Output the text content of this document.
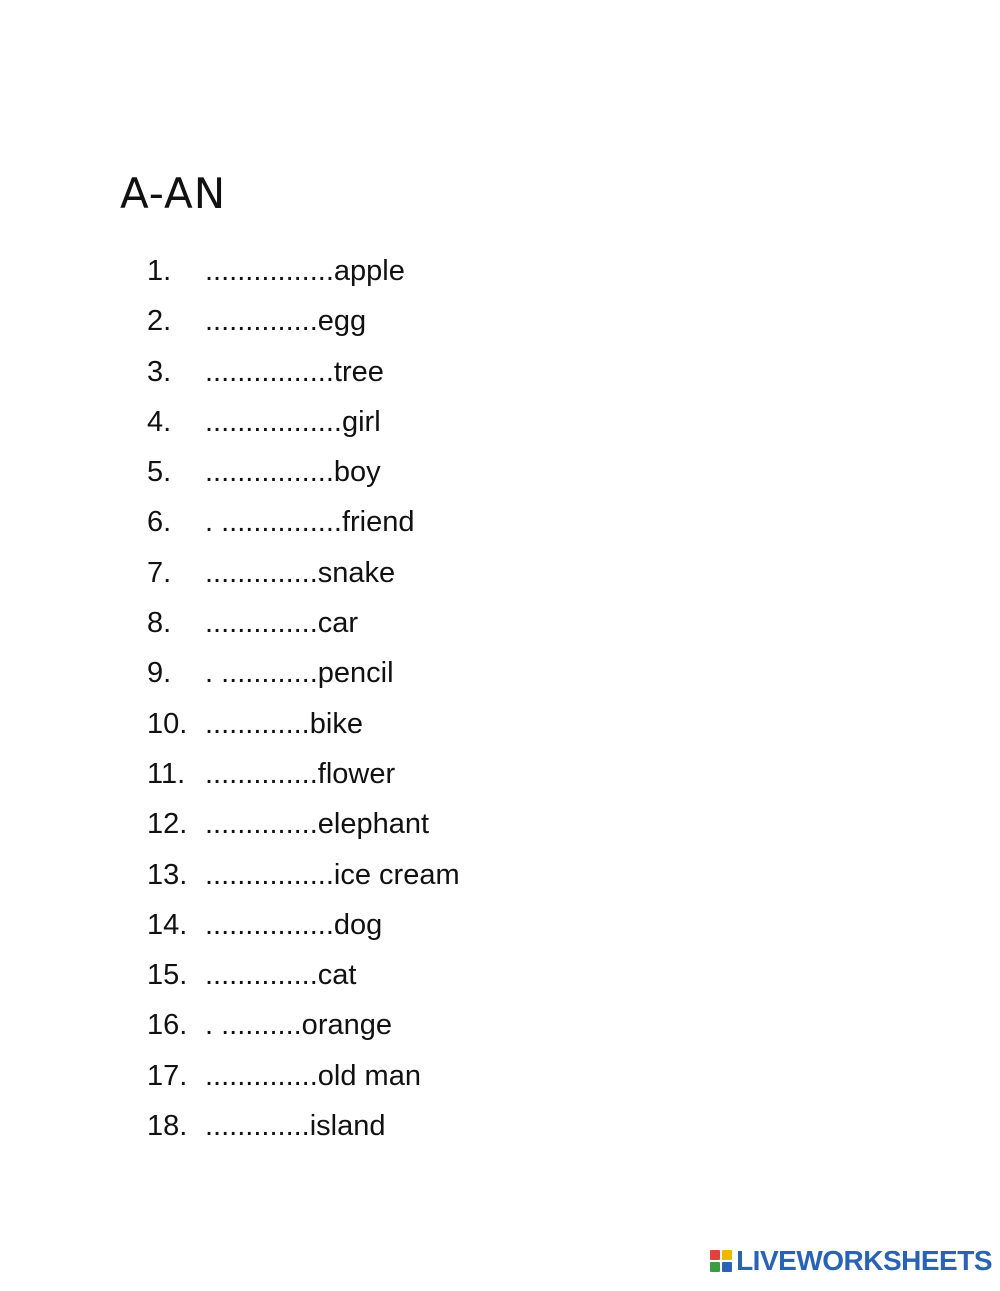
A-AN
1.	................apple
2.	..............egg
3.	................tree
4.	.................girl
5.	................boy
6.	. ...............friend
7.	..............snake
8.	..............car
9.	. ............pencil
10. .............bike
11. ..............flower
12. ..............elephant
13. ................ice cream
14. ................dog
15. ..............cat
16. . ..........orange
17. ..............old man
18. .............island
LIVEWORKSHEETS
